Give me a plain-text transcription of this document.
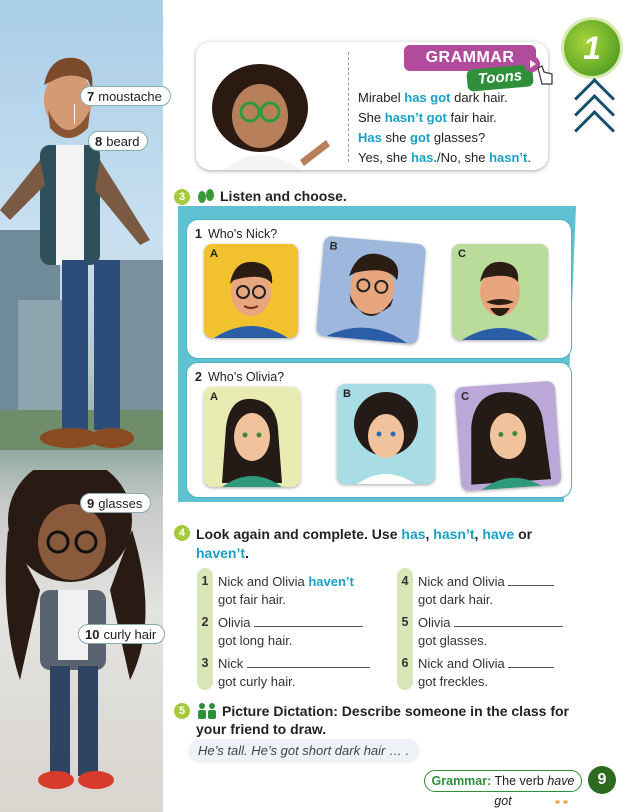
7 moustache
8 beard
9 glasses
10 curly hair
1
Mirabel has got dark hair.
She hasn’t got fair hair.
Has she got glasses?
Yes, she has./No, she hasn’t.
GRAMMAR
Toons
3	Listen and choose.
1 Who’s Nick?
2 Who’s Olivia?
A
B
C
A	B	C
4 Look again and complete. Use has, hasn’t, have or
haven’t.
1 Nick and Olivia haven’t
got fair hair.
2 Olivia
got long hair.
3 Nick
got curly hair.
4 Nick and Olivia
got dark hair.
5 Olivia
got glasses.
6 Nick and Olivia
got freckles.
5	Picture Dictation: Describe someone in the class for
your friend to draw.
He’s tall. He’s got short dark hair … .
Grammar: The verb have got
9
